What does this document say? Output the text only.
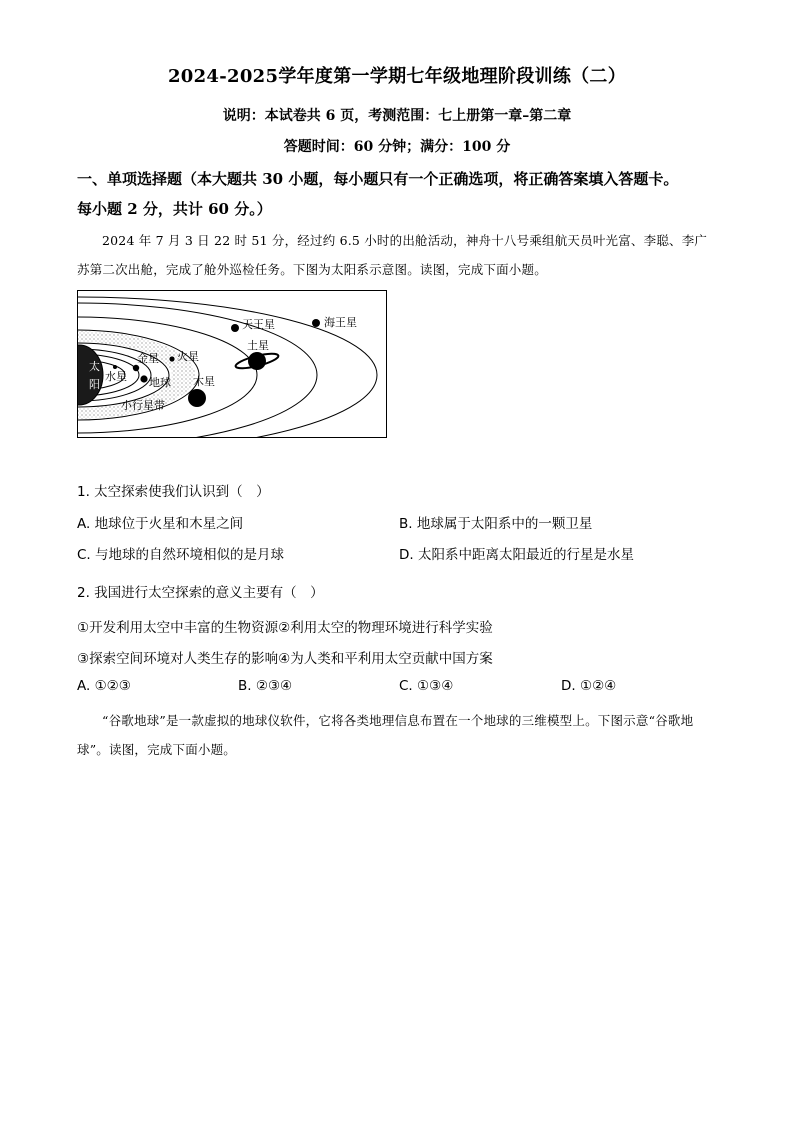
2024-2025学年度第一学期七年级地理阶段训练（二）
说明：本试卷共 6 页，考测范围：七上册第一章–第二章
答题时间：60 分钟；满分：100 分
一、单项选择题（本大题共 30 小题，每小题只有一个正确选项，将正确答案填入答题卡。
每小题 2 分，共计 60 分。）
2024 年 7 月 3 日 22 时 51 分，经过约 6.5 小时的出舱活动，神舟十八号乘组航天员叶光富、李聪、李广苏第二次出舱，完成了舱外巡检任务。下图为太阳系示意图。读图，完成下面小题。
太
阳
水星
金星
地球
火星
小行星带
木星
土星
天王星	海王星
1. 太空探索使我们认识到（　）
A. 地球位于火星和木星之间	B. 地球属于太阳系中的一颗卫星
C. 与地球的自然环境相似的是月球	D. 太阳系中距离太阳最近的行星是水星
2. 我国进行太空探索的意义主要有（　）
①开发利用太空中丰富的生物资源②利用太空的物理环境进行科学实验
③探索空间环境对人类生存的影响④为人类和平利用太空贡献中国方案
A. ①②③	B. ②③④	C. ①③④	D. ①②④
“谷歌地球”是一款虚拟的地球仪软件，它将各类地理信息布置在一个地球的三维模型上。下图示意“谷歌地球”。读图，完成下面小题。
